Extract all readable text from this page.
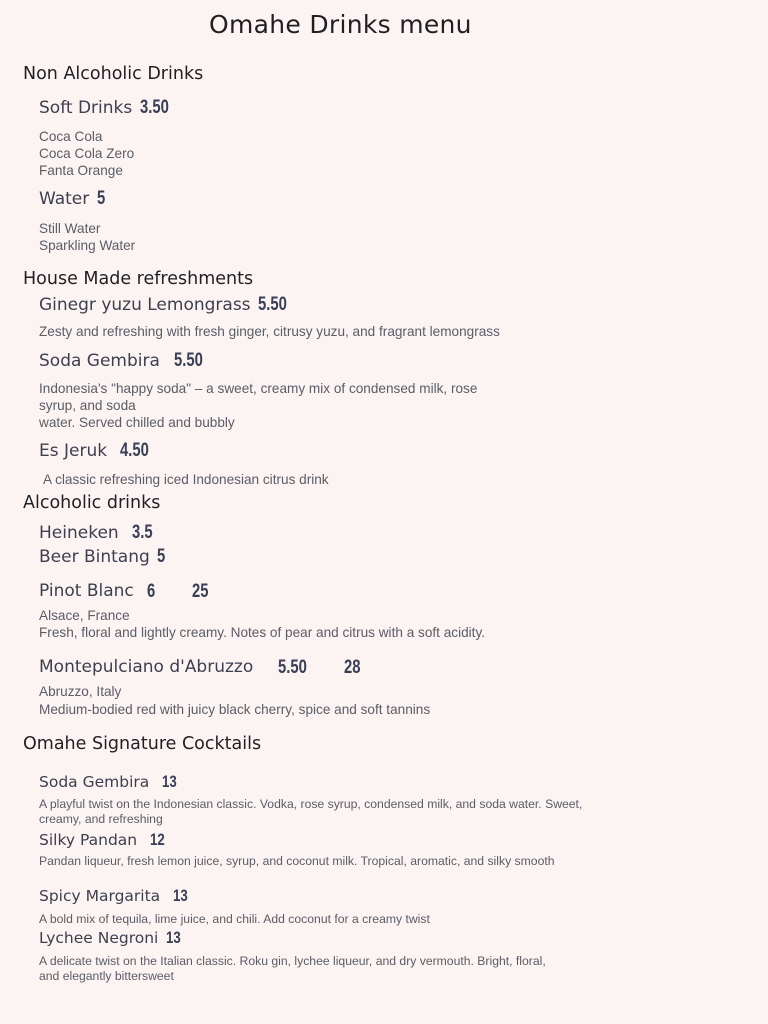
Omahe Drinks menu
Non Alcoholic Drinks
Soft Drinks 3.50
Coca Cola
Coca Cola Zero
Fanta Orange
Water 5
Still Water
Sparkling Water
House Made refreshments
Ginegr yuzu Lemongrass 5.50
Zesty and refreshing with fresh ginger, citrusy yuzu, and fragrant lemongrass
Soda Gembira 5.50
Indonesia's "happy soda" – a sweet, creamy mix of condensed milk, rose
syrup, and soda
water. Served chilled and bubbly
Es Jeruk 4.50
A classic refreshing iced Indonesian citrus drink
Alcoholic drinks
Heineken 3.5
Beer Bintang 5
Pinot Blanc 6 25
Alsace, France
Fresh, floral and lightly creamy. Notes of pear and citrus with a soft acidity.
Montepulciano d'Abruzzo 5.50	28
Abruzzo, Italy
Medium-bodied red with juicy black cherry, spice and soft tannins
Omahe Signature Cocktails
Soda Gembira 13
A playful twist on the Indonesian classic. Vodka, rose syrup, condensed milk, and soda water. Sweet, creamy, and refreshing
Silky Pandan 12
Pandan liqueur, fresh lemon juice, syrup, and coconut milk. Tropical, aromatic, and silky smooth
Spicy Margarita 13
A bold mix of tequila, lime juice, and chili. Add coconut for a creamy twist
Lychee Negroni 13
A delicate twist on the Italian classic. Roku gin, lychee liqueur, and dry vermouth. Bright, floral, and elegantly bittersweet
